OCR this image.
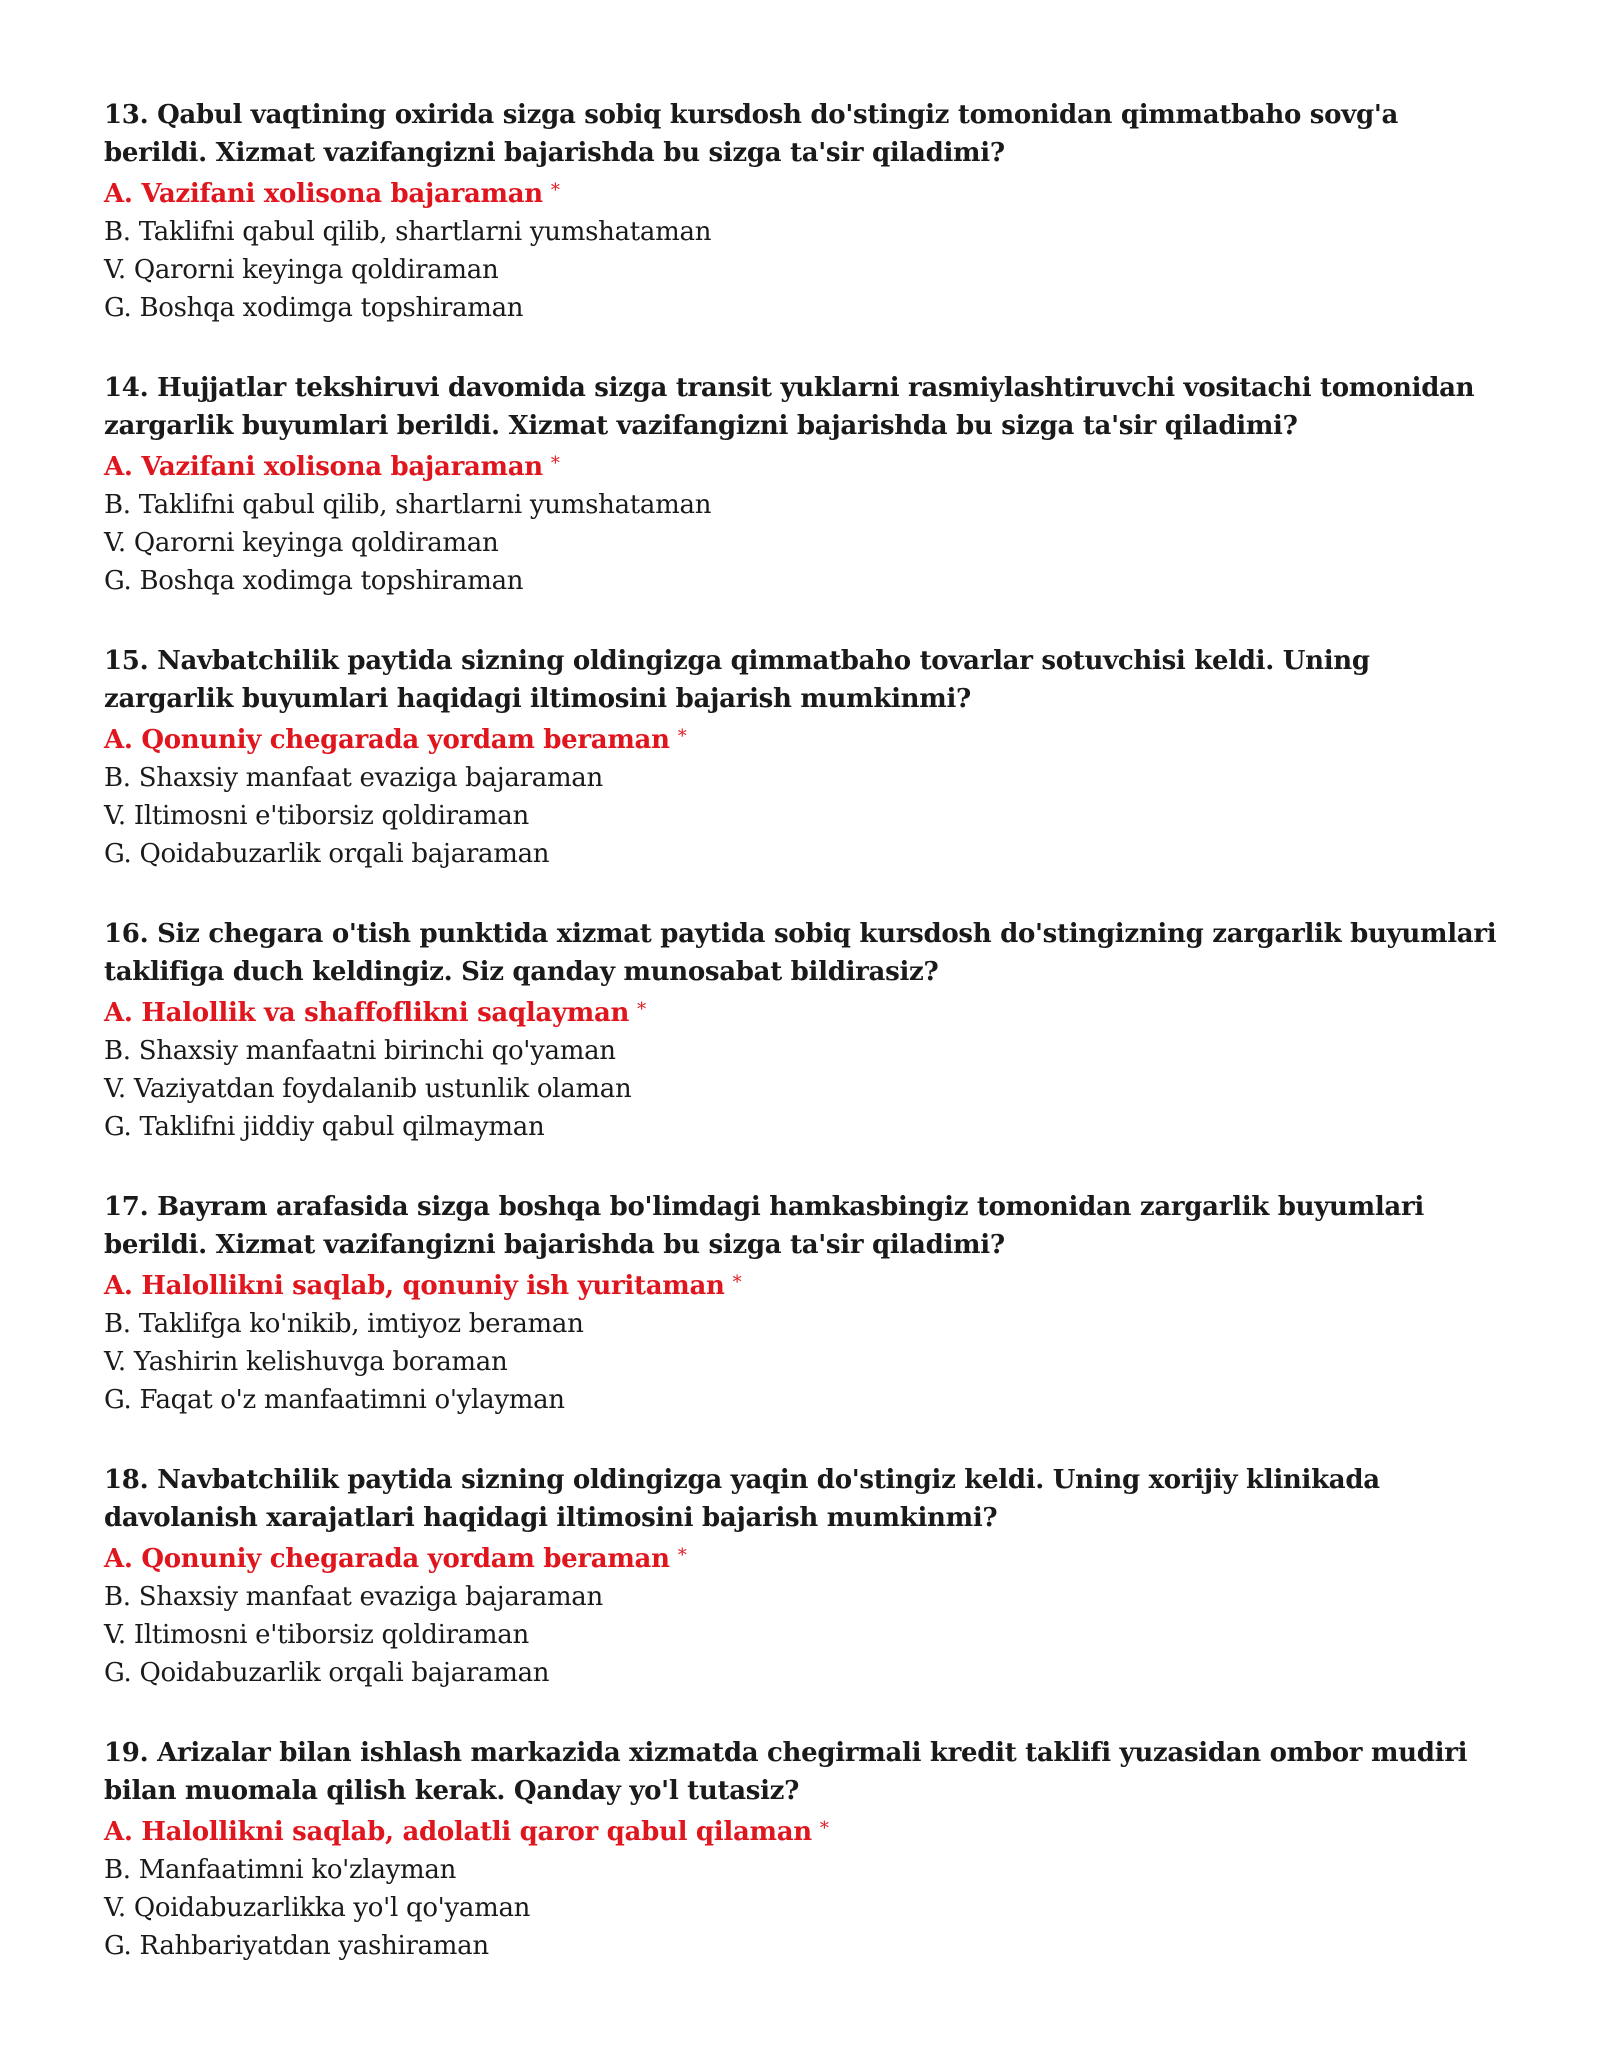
13. Qabul vaqtining oxirida sizga sobiq kursdosh do'stingiz tomonidan qimmatbaho sovg'a berildi. Xizmat vazifangizni bajarishda bu sizga ta'sir qiladimi?

A. Vazifani xolisona bajaraman *
B. Taklifni qabul qilib, shartlarni yumshataman
V. Qarorni keyinga qoldiraman
G. Boshqa xodimga topshiraman

14. Hujjatlar tekshiruvi davomida sizga transit yuklarni rasmiylashtiruvchi vositachi tomonidan zargarlik buyumlari berildi. Xizmat vazifangizni bajarishda bu sizga ta'sir qiladimi?

A. Vazifani xolisona bajaraman *
B. Taklifni qabul qilib, shartlarni yumshataman
V. Qarorni keyinga qoldiraman
G. Boshqa xodimga topshiraman

15. Navbatchilik paytida sizning oldingizga qimmatbaho tovarlar sotuvchisi keldi. Uning zargarlik buyumlari haqidagi iltimosini bajarish mumkinmi?

A. Qonuniy chegarada yordam beraman *
B. Shaxsiy manfaat evaziga bajaraman
V. Iltimosni e'tiborsiz qoldiraman
G. Qoidabuzarlik orqali bajaraman

16. Siz chegara o'tish punktida xizmat paytida sobiq kursdosh do'stingizning zargarlik buyumlari taklifiga duch keldingiz. Siz qanday munosabat bildirasiz?

A. Halollik va shaffoflikni saqlayman *
B. Shaxsiy manfaatni birinchi qo'yaman
V. Vaziyatdan foydalanib ustunlik olaman
G. Taklifni jiddiy qabul qilmayman

17. Bayram arafasida sizga boshqa bo'limdagi hamkasbingiz tomonidan zargarlik buyumlari berildi. Xizmat vazifangizni bajarishda bu sizga ta'sir qiladimi?

A. Halollikni saqlab, qonuniy ish yuritaman *
B. Taklifga ko'nikib, imtiyoz beraman
V. Yashirin kelishuvga boraman
G. Faqat o'z manfaatimni o'ylayman

18. Navbatchilik paytida sizning oldingizga yaqin do'stingiz keldi. Uning xorijiy klinikada davolanish xarajatlari haqidagi iltimosini bajarish mumkinmi?

A. Qonuniy chegarada yordam beraman *
B. Shaxsiy manfaat evaziga bajaraman
V. Iltimosni e'tiborsiz qoldiraman
G. Qoidabuzarlik orqali bajaraman

19. Arizalar bilan ishlash markazida xizmatda chegirmali kredit taklifi yuzasidan ombor mudiri bilan muomala qilish kerak. Qanday yo'l tutasiz?

A. Halollikni saqlab, adolatli qaror qabul qilaman *
B. Manfaatimni ko'zlayman
V. Qoidabuzarlikka yo'l qo'yaman
G. Rahbariyatdan yashiraman
